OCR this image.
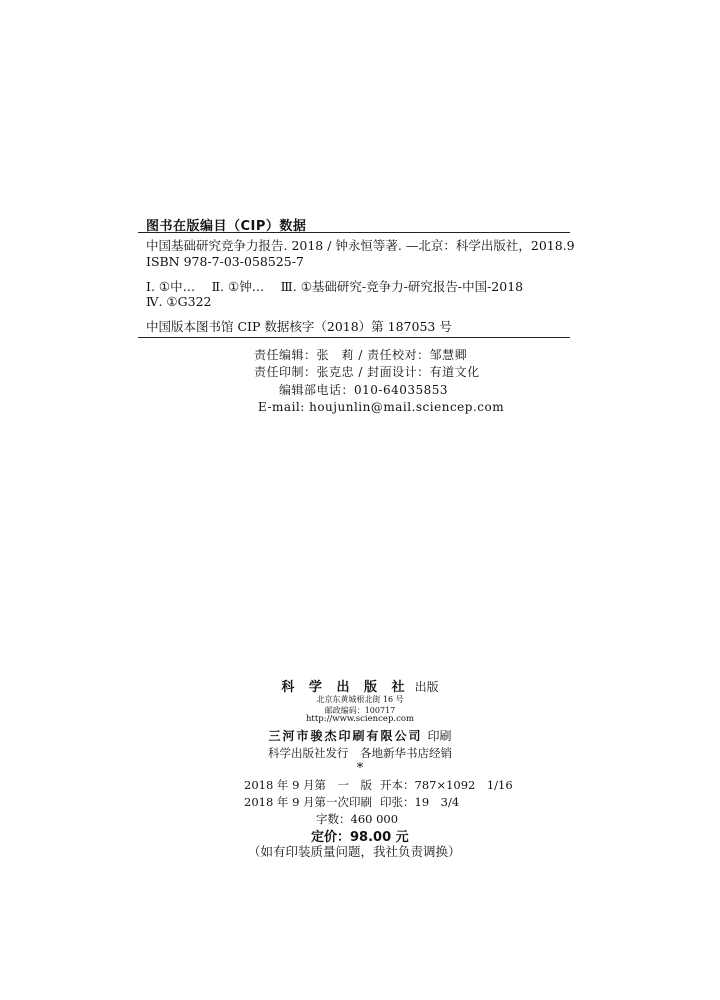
图书在版编目（CIP）数据
中国基础研究竞争力报告. 2018 / 钟永恒等著. —北京：科学出版社，2018.9
ISBN 978-7-03-058525-7
Ⅰ. ①中…　 Ⅱ. ①钟…　 Ⅲ. ①基础研究-竞争力-研究报告-中国-2018
Ⅳ. ①G322
中国版本图书馆 CIP 数据核字（2018）第 187053 号
责任编辑：张　莉 / 责任校对：邹慧卿
责任印制：张克忠 / 封面设计：有道文化
编辑部电话：010-64035853
E-mail: houjunlin@mail.sciencep.com
科 学 出 版 社 出版
北京东黄城根北街 16 号
邮政编码：100717
http://www.sciencep.com
三河市骏杰印刷有限公司 印刷
科学出版社发行　各地新华书店经销
*
2018 年 9 月第　一　版 开本：787×1092　1/16
2018 年 9 月第一次印刷 印张：19　3/4
字数：460 000
定价：98.00 元
（如有印装质量问题，我社负责调换）
